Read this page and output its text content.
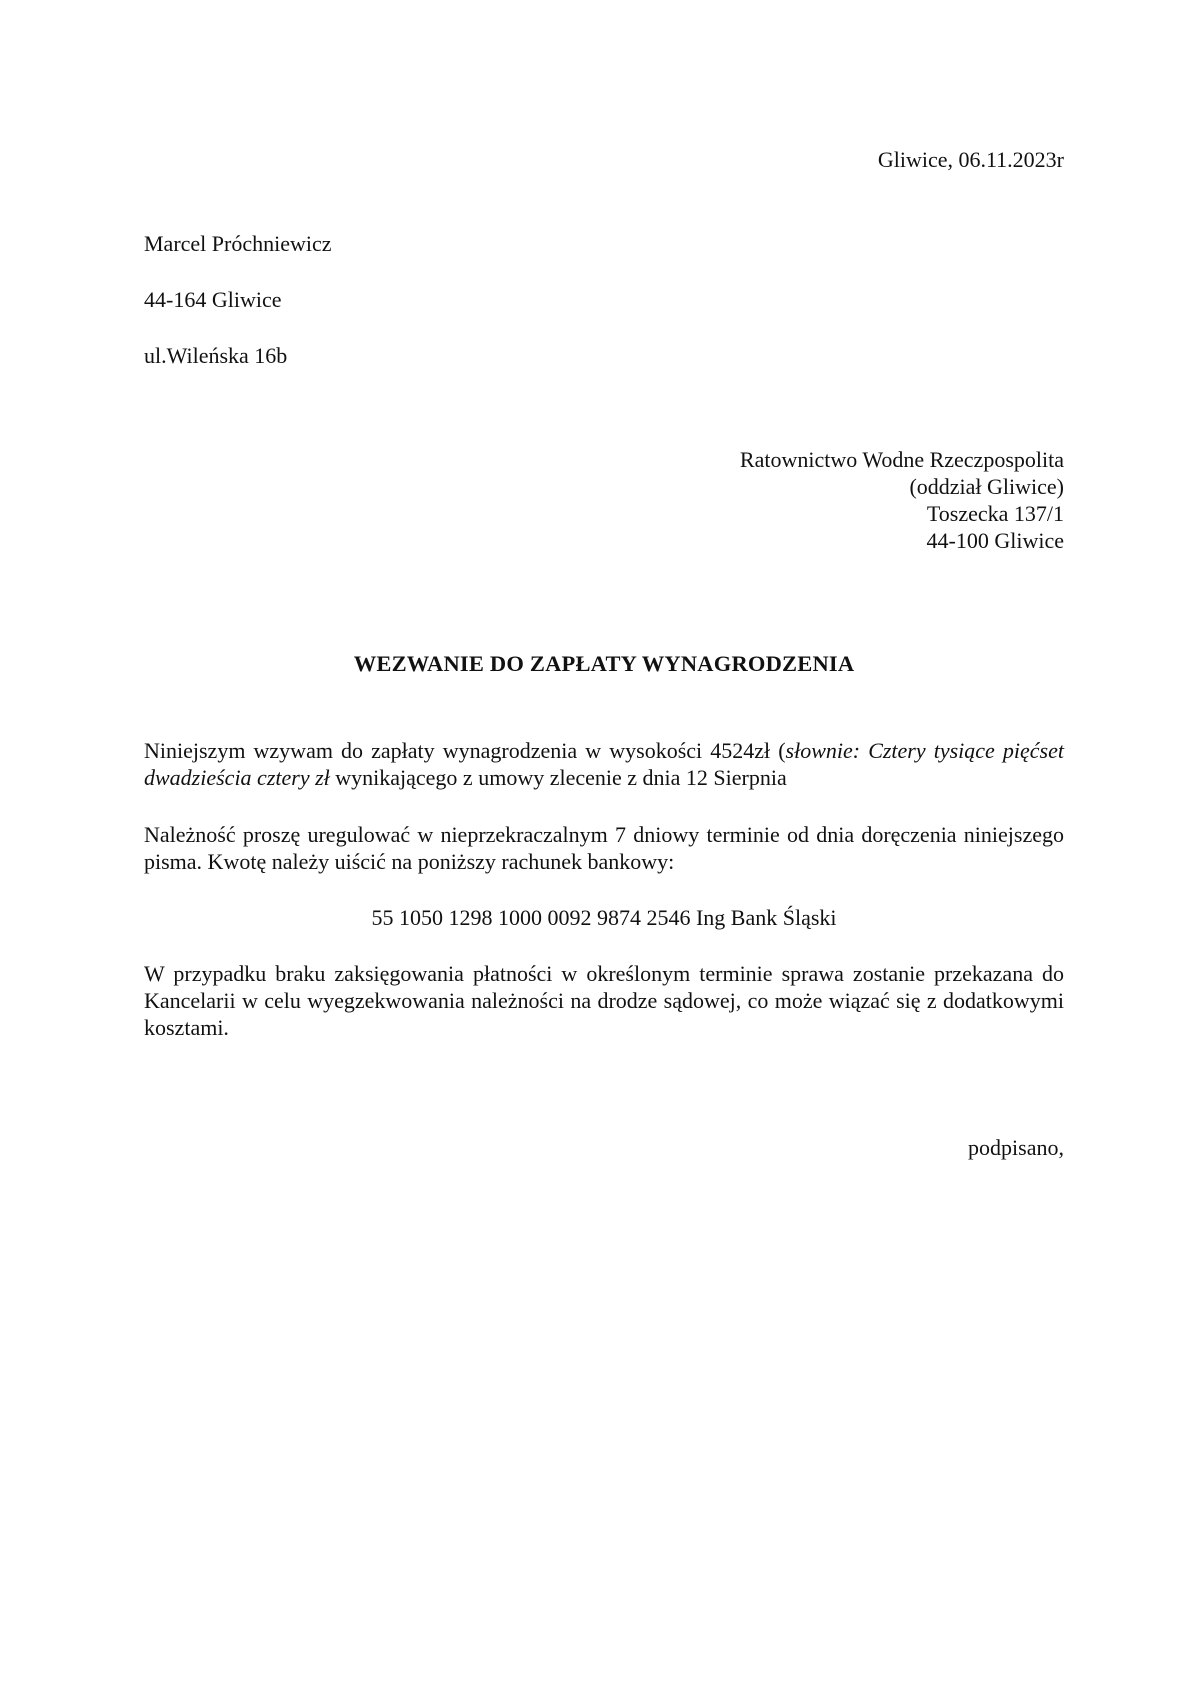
Gliwice, 06.11.2023r
Marcel Próchniewicz
44-164 Gliwice
ul.Wileńska 16b
Ratownictwo Wodne Rzeczpospolita
(oddział Gliwice)
Toszecka 137/1
44-100 Gliwice
WEZWANIE DO ZAPŁATY WYNAGRODZENIA
Niniejszym wzywam do zapłaty wynagrodzenia w wysokości 4524zł (słownie: Cztery tysiące pięćset dwadzieścia cztery zł wynikającego z umowy zlecenie z dnia 12 Sierpnia
Należność proszę uregulować w nieprzekraczalnym 7 dniowy terminie od dnia doręczenia niniejszego pisma. Kwotę należy uiścić na poniższy rachunek bankowy:
55 1050 1298 1000 0092 9874 2546 Ing Bank Śląski
W przypadku braku zaksięgowania płatności w określonym terminie sprawa zostanie przekazana do Kancelarii w celu wyegzekwowania należności na drodze sądowej, co może wiązać się z dodatkowymi kosztami.
podpisano,
